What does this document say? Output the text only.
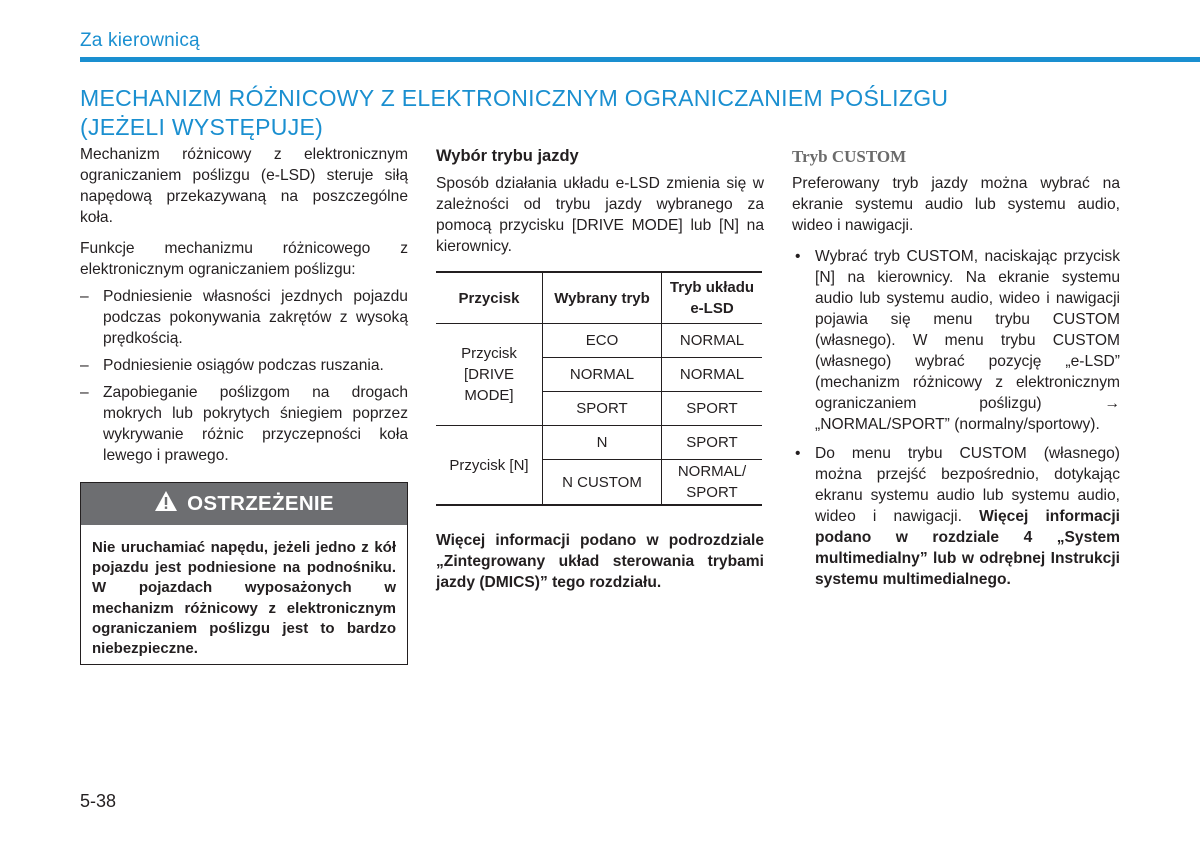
Za kierownicą
MECHANIZM RÓŻNICOWY Z ELEKTRONICZNYM OGRANICZANIEM POŚLIZGU
(JEŻELI WYSTĘPUJE)

Mechanizm różnicowy z elektronicznym ograniczaniem poślizgu (e-LSD) steruje siłą napędową przekazywaną na poszczególne koła.

Funkcje mechanizmu różnicowego z elektronicznym ograniczaniem poślizgu:

– Podniesienie własności jezdnych pojazdu podczas pokonywania zakrętów z wysoką prędkością.
– Podniesienie osiągów podczas ruszania.
– Zapobieganie poślizgom na drogach mokrych lub pokrytych śniegiem poprzez wykrywanie różnic przyczepności koła lewego i prawego.
OSTRZEŻENIE
Nie uruchamiać napędu, jeżeli jedno z kół pojazdu jest podniesione na podnośniku. W pojazdach wyposażonych w mechanizm różnicowy z elektronicznym ograniczaniem poślizgu jest to bardzo niebezpieczne.
Wybór trybu jazdy

Sposób działania układu e-LSD zmienia się w zależności od trybu jazdy wybranego za pomocą przycisku [DRIVE MODE] lub [N] na kierownicy.

Przycisk	Wybrany tryb	Tryb układu e-LSD
Przycisk [DRIVE MODE]	ECO	NORMAL
	NORMAL	NORMAL
	SPORT	SPORT
Przycisk [N]	N	SPORT
	N CUSTOM	NORMAL/ SPORT

Więcej informacji podano w podrozdziale „Zintegrowany układ sterowania trybami jazdy (DMICS)” tego rozdziału.

Tryb CUSTOM

Preferowany tryb jazdy można wybrać na ekranie systemu audio lub systemu audio, wideo i nawigacji.

• Wybrać tryb CUSTOM, naciskając przycisk [N] na kierownicy. Na ekranie systemu audio lub systemu audio, wideo i nawigacji pojawia się menu trybu CUSTOM (własnego). W menu trybu CUSTOM (własnego) wybrać pozycję „e-LSD” (mechanizm różnicowy z elektronicznym ograniczaniem poślizgu) → „NORMAL/SPORT” (normalny/sportowy).
• Do menu trybu CUSTOM (własnego) można przejść bezpośrednio, dotykając ekranu systemu audio lub systemu audio, wideo i nawigacji. Więcej informacji podano w rozdziale 4 „System multimedialny” lub w odrębnej Instrukcji systemu multimedialnego.
5-38
